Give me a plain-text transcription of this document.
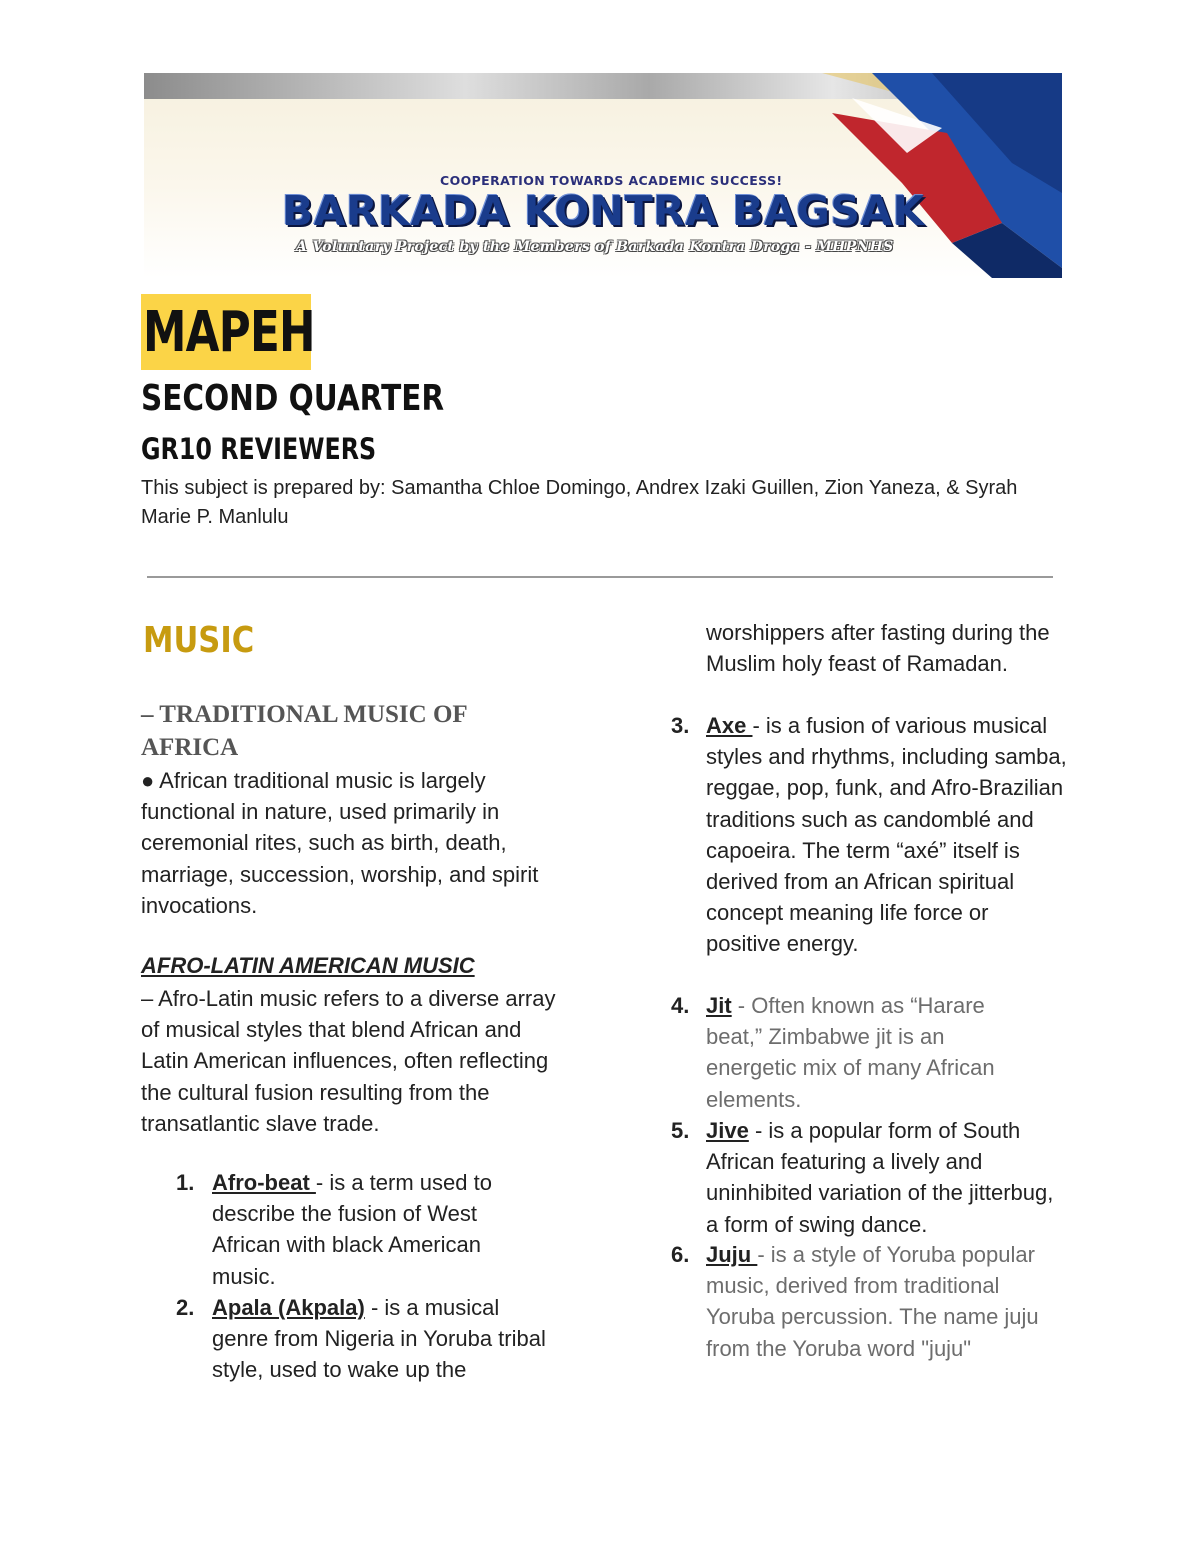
COOPERATION TOWARDS ACADEMIC SUCCESS!
BARKADA KONTRA BAGSAK
A Voluntary Project by the Members of Barkada Kontra Droga - MHPNHS
MAPEH
SECOND QUARTER
GR10 REVIEWERS
This subject is prepared by: Samantha Chloe Domingo, Andrex Izaki Guillen, Zion Yaneza, & Syrah Marie P. Manlulu
MUSIC
– TRADITIONAL MUSIC OF AFRICA
● African traditional music is largely functional in nature, used primarily in ceremonial rites, such as birth, death, marriage, succession, worship, and spirit invocations.
AFRO-LATIN AMERICAN MUSIC
– Afro-Latin music refers to a diverse array of musical styles that blend African and Latin American influences, often reflecting the cultural fusion resulting from the transatlantic slave trade.
1. Afro-beat - is a term used to describe the fusion of West African with black American music.
2. Apala (Akpala) - is a musical genre from Nigeria in Yoruba tribal style, used to wake up the
worshippers after fasting during the Muslim holy feast of Ramadan.
3. Axe - is a fusion of various musical styles and rhythms, including samba, reggae, pop, funk, and Afro-Brazilian traditions such as candomblé and capoeira. The term “axé” itself is derived from an African spiritual concept meaning life force or positive energy.
4. Jit - Often known as “Harare beat,” Zimbabwe jit is an energetic mix of many African elements.
5. Jive - is a popular form of South African featuring a lively and uninhibited variation of the jitterbug, a form of swing dance.
6. Juju - is a style of Yoruba popular music, derived from traditional Yoruba percussion. The name juju from the Yoruba word "juju"
